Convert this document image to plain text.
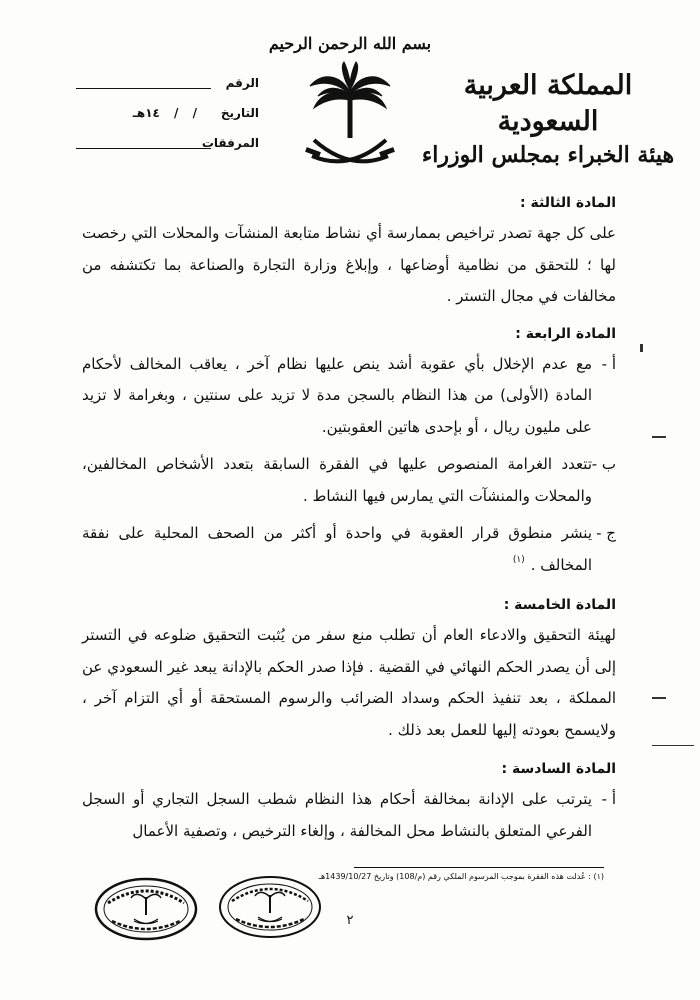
بسم الله الرحمن الرحيم
المملكة العربية السعودية
هيئة الخبراء بمجلس الوزراء
الرقم
التاريخ
/ / ١٤هـ
المرفقات
المادة الثالثة :

على كل جهة تصدر تراخيص بممارسة أي نشاط متابعة المنشآت والمحلات التي رخصت لها ؛ للتحقق من نظامية أوضاعها ، وإبلاغ وزارة التجارة والصناعة بما تكتشفه من مخالفات في مجال التستر .

المادة الرابعة :
أ -

مع عدم الإخلال بأي عقوبة أشد ينص عليها نظام آخر ، يعاقب المخالف لأحكام المادة (الأولى) من هذا النظام بالسجن مدة لا تزيد على سنتين ، وبغرامة لا تزيد على مليون ريال ، أو بإحدى هاتين العقوبتين.

ب -

تتعدد الغرامة المنصوص عليها في الفقرة السابقة بتعدد الأشخاص المخالفين، والمحلات والمنشآت التي يمارس فيها النشاط .

ج -

ينشر منطوق قرار العقوبة في واحدة أو أكثر من الصحف المحلية على نفقة المخالف .$^{(١)}$

المادة الخامسة :

لهيئة التحقيق والادعاء العام أن تطلب منع سفر من يُثبت التحقيق ضلوعه في التستر إلى أن يصدر الحكم النهائي في القضية . فإذا صدر الحكم بالإدانة يبعد غير السعودي عن المملكة ، بعد تنفيذ الحكم وسداد الضرائب والرسوم المستحقة أو أي التزام آخر ، ولايسمح بعودته إليها للعمل بعد ذلك .

المادة السادسة :
أ -

يترتب على الإدانة بمخالفة أحكام هذا النظام شطب السجل التجاري أو السجل الفرعي المتعلق بالنشاط محل المخالفة ، وإلغاء الترخيص ، وتصفية الأعمال

(١) : عُدلت هذه الفقرة بموجب المرسوم الملكي رقم (م/108) وتاريخ 1439/10/27هـ
٢
